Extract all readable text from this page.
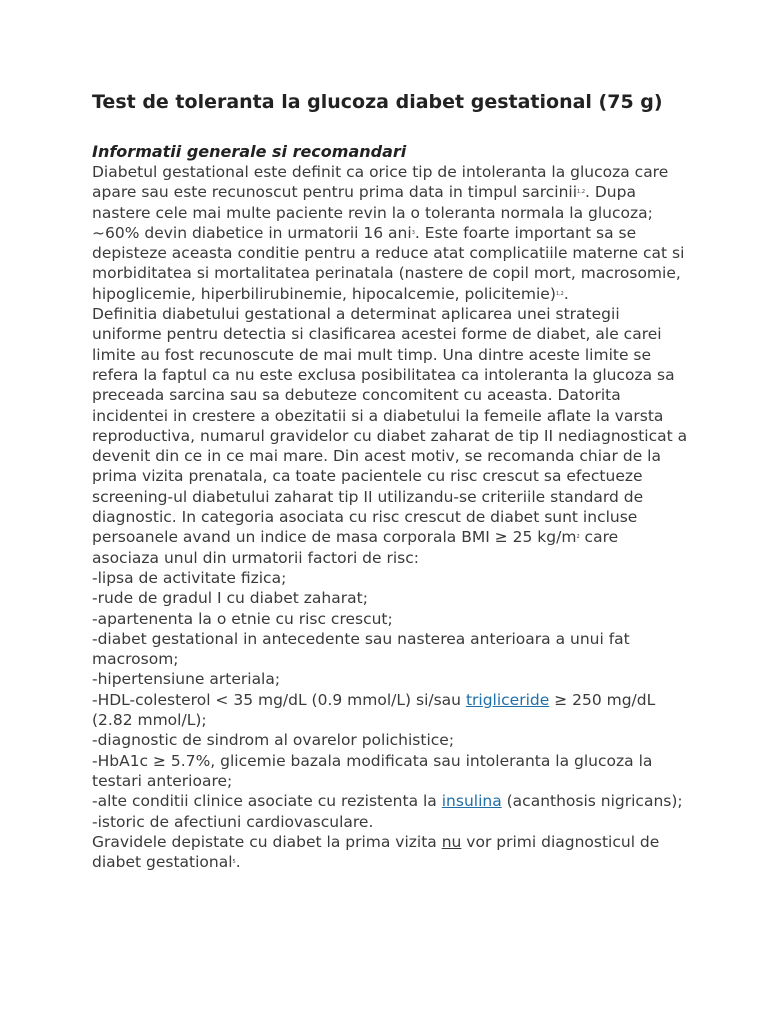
Test de toleranta la glucoza diabet gestational (75 g)

Informatii generale si recomandari

Diabetul gestational este definit ca orice tip de intoleranta la glucoza care apare sau este recunoscut pentru prima data in timpul sarcinii$^{1,2}$. Dupa nastere cele mai multe paciente revin la o toleranta normala la glucoza; ~60% devin diabetice in urmatorii 16 ani$^3$. Este foarte important sa se depisteze aceasta conditie pentru a reduce atat complicatiile materne cat si morbiditatea si mortalitatea perinatala (nastere de copil mort, macrosomie, hipoglicemie, hiperbilirubinemie, hipocalcemie, policitemie)$^{1,2}$.

Definitia diabetului gestational a determinat aplicarea unei strategii uniforme pentru detectia si clasificarea acestei forme de diabet, ale carei limite au fost recunoscute de mai mult timp. Una dintre aceste limite se refera la faptul ca nu este exclusa posibilitatea ca intoleranta la glucoza sa preceada sarcina sau sa debuteze concomitent cu aceasta. Datorita incidentei in crestere a obezitatii si a diabetului la femeile aflate la varsta reproductiva, numarul gravidelor cu diabet zaharat de tip II nediagnosticat a devenit din ce in ce mai mare. Din acest motiv, se recomanda chiar de la prima vizita prenatala, ca toate pacientele cu risc crescut sa efectueze screening-ul diabetului zaharat tip II utilizandu-se criteriile standard de diagnostic. In categoria asociata cu risc crescut de diabet sunt incluse persoanele avand un indice de masa corporala BMI ≥ 25 $kg/m^2$ care asociaza unul din urmatorii factori de risc:

-lipsa de activitate fizica;

-rude de gradul I cu diabet zaharat;

-apartenenta la o etnie cu risc crescut;

-diabet gestational in antecedente sau nasterea anterioara a unui fat macrosom;

-hipertensiune arteriala;

-HDL-colesterol < 35 mg/dL (0.9 mmol/L) si/sau trigliceride ≥ 250 mg/dL (2.82 mmol/L);

-diagnostic de sindrom al ovarelor polichistice;

-HbA1c ≥ 5.7%, glicemie bazala modificata sau intoleranta la glucoza la testari anterioare;

-alte conditii clinice asociate cu rezistenta la insulina (acanthosis nigricans);

-istoric de afectiuni cardiovasculare.

Gravidele depistate cu diabet la prima vizita nu vor primi diagnosticul de diabet gestational$^5$.
